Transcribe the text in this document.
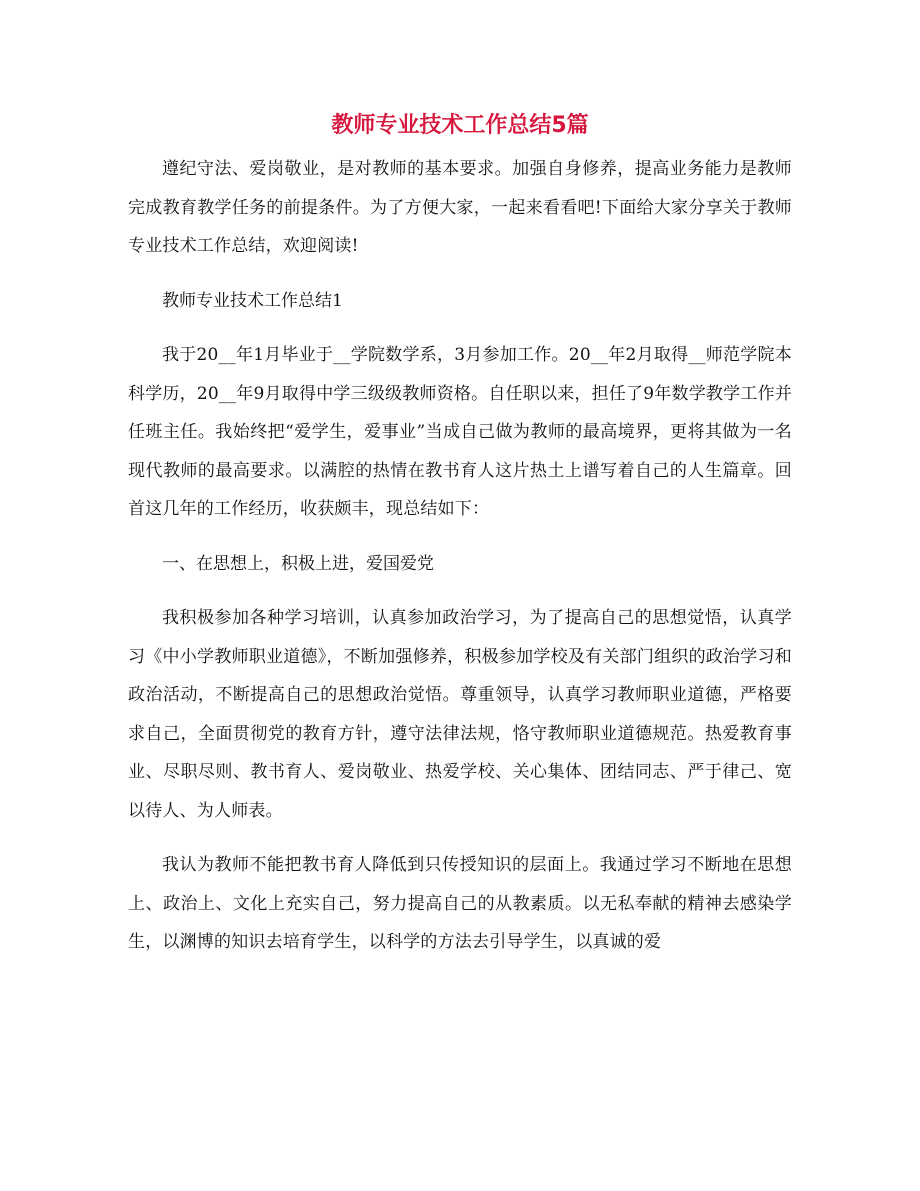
教师专业技术工作总结5篇

遵纪守法、爱岗敬业，是对教师的基本要求。加强自身修养，提高业务能力是教师完成教育教学任务的前提条件。为了方便大家，一起来看看吧!下面给大家分享关于教师专业技术工作总结，欢迎阅读!

教师专业技术工作总结1

我于20__年1月毕业于__学院数学系，3月参加工作。20__年2月取得__师范学院本科学历，20__年9月取得中学三级级教师资格。自任职以来，担任了9年数学教学工作并任班主任。我始终把“爱学生，爱事业”当成自己做为教师的最高境界，更将其做为一名现代教师的最高要求。以满腔的热情在教书育人这片热土上谱写着自己的人生篇章。回首这几年的工作经历，收获颇丰，现总结如下：

一、在思想上，积极上进，爱国爱党

我积极参加各种学习培训，认真参加政治学习，为了提高自己的思想觉悟，认真学习《中小学教师职业道德》，不断加强修养，积极参加学校及有关部门组织的政治学习和政治活动，不断提高自己的思想政治觉悟。尊重领导，认真学习教师职业道德，严格要求自己，全面贯彻党的教育方针，遵守法律法规，恪守教师职业道德规范。热爱教育事业、尽职尽则、教书育人、爱岗敬业、热爱学校、关心集体、团结同志、严于律己、宽以待人、为人师表。

我认为教师不能把教书育人降低到只传授知识的层面上。我通过学习不断地在思想上、政治上、文化上充实自己，努力提高自己的从教素质。以无私奉献的精神去感染学生，以渊博的知识去培育学生，以科学的方法去引导学生，以真诚的爱
